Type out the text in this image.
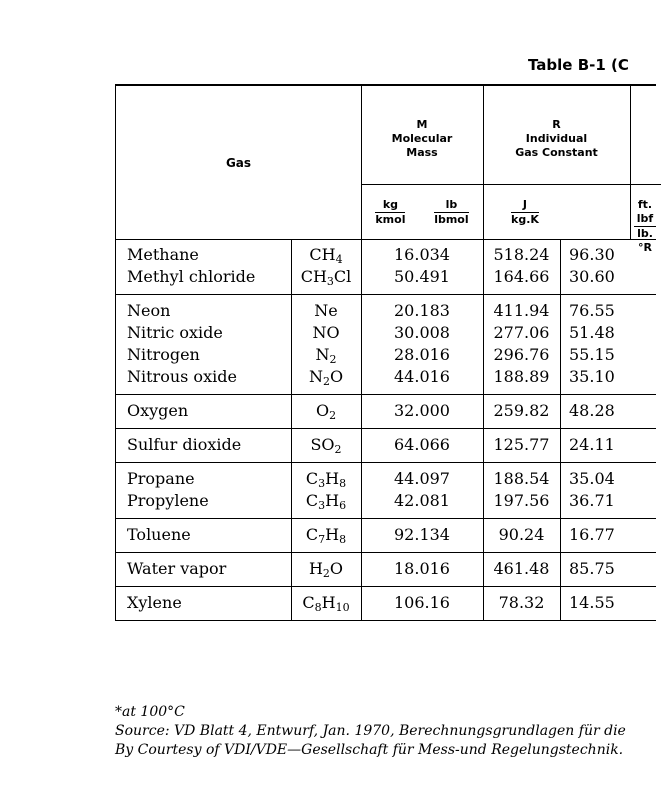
Table B-1 (C
Gas
M
Molecular
Mass
R
Individual
Gas Constant
$\frac{kg}{\text{kmol}}$	$\frac{lb}{\text{lbmol}}$	$\frac{J}{kg.K}$	ft. lbf
lb.°R
Methane	$CH_4$	16.034	518.24	96.30
Methyl chloride	$CH_3Cl$	50.491	164.66	30.60
Neon	Ne	20.183	411.94	76.55
Nitric oxide	NO	30.008	277.06	51.48
Nitrogen	$N_2$	28.016	296.76	55.15
Nitrous oxide	$N_2O$	44.016	188.89	35.10
Oxygen	$O_2$	32.000	259.82	48.28
Sulfur dioxide	$SO_2$	64.066	125.77	24.11
Propane	$C_3H_8$	44.097	188.54	35.04
Propylene	$C_3H_6$	42.081	197.56	36.71
Toluene	$C_7H_8$	92.134	90.24	16.77
Water vapor	$H_2O$	18.016	461.48	85.75
Xylene	$C_8H_{10}$	106.16	78.32	14.55
*at 100°C
Source: VD Blatt 4, Entwurf, Jan. 1970, Berechnungsgrundlagen für die
By Courtesy of VDI/VDE—Gesellschaft für Mess-und Regelungstechnik.
